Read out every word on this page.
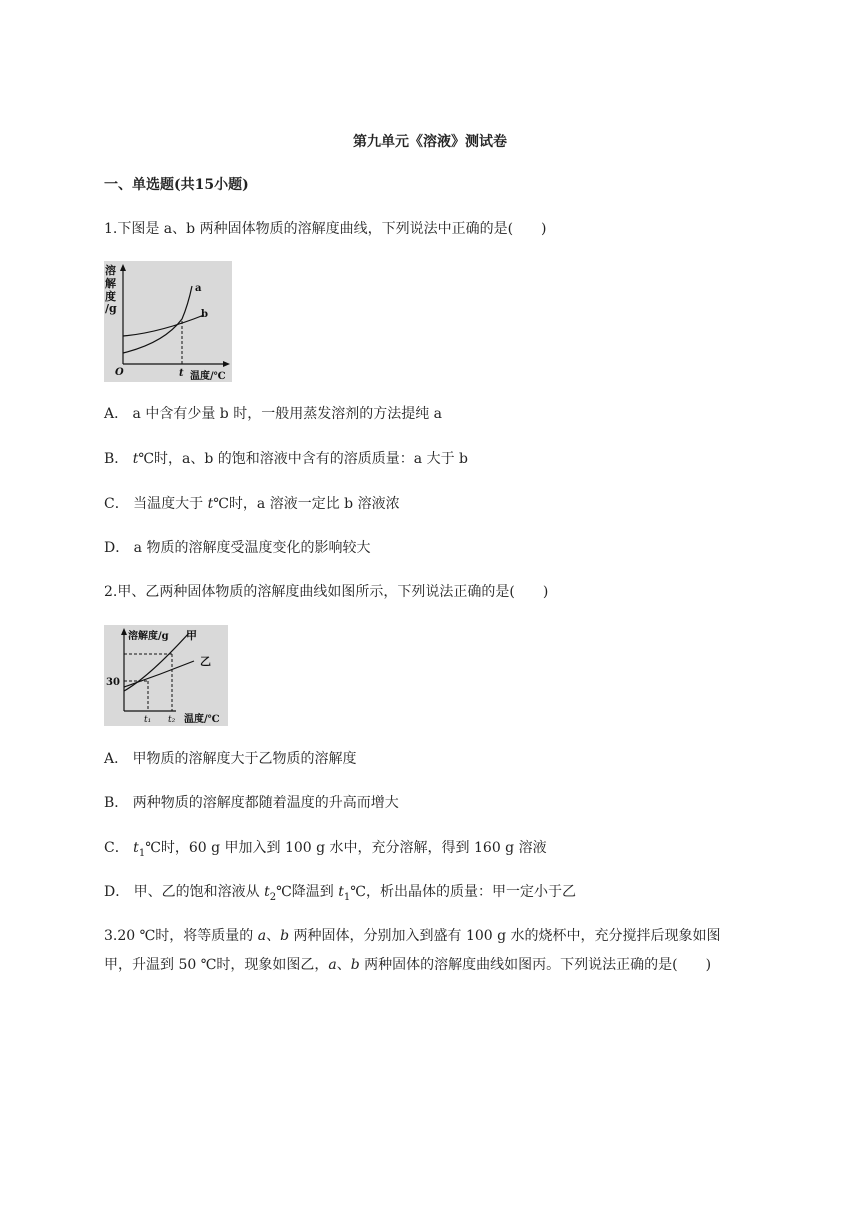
第九单元《溶液》测试卷
一、单选题(共15小题)
1.下图是 a、b 两种固体物质的溶解度曲线，下列说法中正确的是(　　)
溶
解
度
/g
a
b
O	t 温度/℃
A． a 中含有少量 b 时，一般用蒸发溶剂的方法提纯 a
B． t℃时，a、b 的饱和溶液中含有的溶质质量：a 大于 b
C． 当温度大于 t℃时，a 溶液一定比 b 溶液浓
D． a 物质的溶解度受温度变化的影响较大
2.甲、乙两种固体物质的溶解度曲线如图所示，下列说法正确的是(　　)
溶解度/g 甲
乙
30
t₁ t₂ 温度/℃
A． 甲物质的溶解度大于乙物质的溶解度
B． 两种物质的溶解度都随着温度的升高而增大
C． $t_1℃$时，60 g 甲加入到 100 g 水中，充分溶解，得到 160 g 溶液
D． 甲、乙的饱和溶液从 $t_2℃$降温到 $t_1℃$，析出晶体的质量：甲一定小于乙
3.20 ℃时，将等质量的 a、b 两种固体，分别加入到盛有 100 g 水的烧杯中，充分搅拌后现象如图
甲，升温到 50 ℃时，现象如图乙，a、b 两种固体的溶解度曲线如图丙。下列说法正确的是(　　)
